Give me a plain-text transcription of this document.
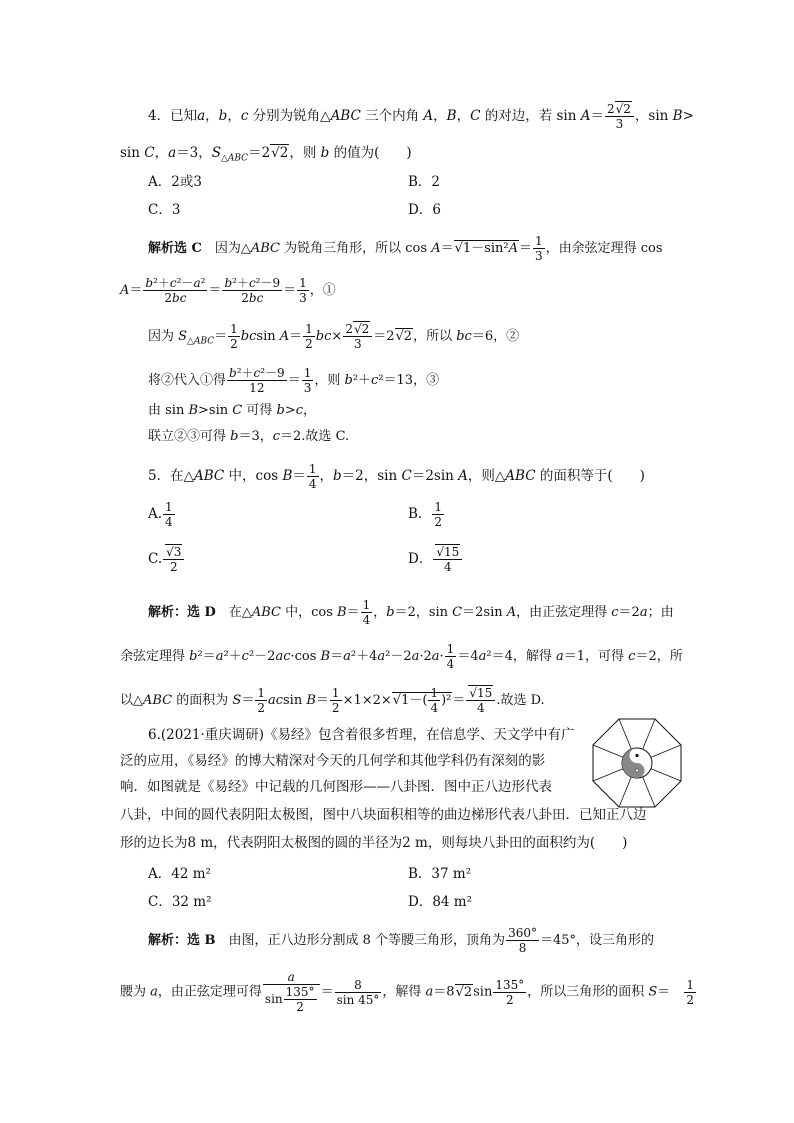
4．已知a，b，c 分别为锐角△ABC 三个内角 A，B，C 的对边，若 $\sin A= \frac{2√2}{3}$ ，sin B>
sin C，a＝3，$S_{\triangle ABC}=2√2$，则 b 的值为(　　)
A．2或3	B．2
C．3	D．6
解析选 C　因为△ABC 为锐角三角形，所以 $\cos A=√1-\sin^2A= \frac{1}{3}$ ，由余弦定理得 cos
$A= \frac{\text{b²＋c²－a²}}{2bc} = \frac{\text{b²＋c²－9}}{2bc} = \frac{1}{3}$ ，①
因为 $S_{\triangle ABC}= \frac{1}{2}$ bcsin $A= \frac{1}{2} bc\times \frac{2√2}{3} =2√2$，所以 bc＝6，②
将②代入①得 $\frac{\text{b²＋c²－9}}{12} = \frac{1}{3}$ ，则 b²＋c²＝13，③
由 sin B>sin C 可得 b>c，
联立②③可得 b＝3，c＝2.故选 C.
5．在△ABC 中，$\cos B= \frac{1}{4}$ ，b＝2，sin C＝2sin A，则△ABC 的面积等于(　　)
A. $\frac{1}{4}$	B． $\frac{1}{2}$
C. $\frac{√3}{2}$	D． $\frac{√15}{4}$
解析：选 D　在△ABC 中，$\cos B= \frac{1}{4}$ ，b＝2，sin C＝2sin A，由正弦定理得 c＝2a；由
余弦定理得 b²＝a²＋c²－2ac·cos $B=a^2+4a^2-2a\cdot 2a\cdot \frac{1}{4} =4a^2=4$，解得 a＝1，可得 c＝2，所
以△ABC 的面积为 $S= \frac{1}{2}$ acsin $B= \frac{1}{2} \times 1\times 2\times√1-( \frac{1}{4} )^2= \frac{√15}{4}$ .故选 D.
6.(2021·重庆调研)《易经》包含着很多哲理，在信息学、天文学中有广
泛的应用，《易经》的博大精深对今天的几何学和其他学科仍有深刻的影
响．如图就是《易经》中记载的几何图形——八卦图．图中正八边形代表
八卦，中间的圆代表阴阳太极图，图中八块面积相等的曲边梯形代表八卦田．已知正八边
形的边长为8 m，代表阴阳太极图的圆的半径为2 m，则每块八卦田的面积约为(　　)
A．42 m²	B．37 m²
C．32 m²	D．84 m²
解析：选 B　由图，正八边形分割成 8 个等腰三角形，顶角为 $\frac{360^\circ}{8} =45^\circ$，设三角形的
腰为 a，由正弦定理可得 $\frac{a}{\sin \frac{135^\circ}{2}} = \frac{8}{\sin 45^\circ}$ ，解得 $a=8√2\sin \frac{135^\circ}{2}$ ，所以三角形的面积 S＝　 $\frac{1}{2}$
